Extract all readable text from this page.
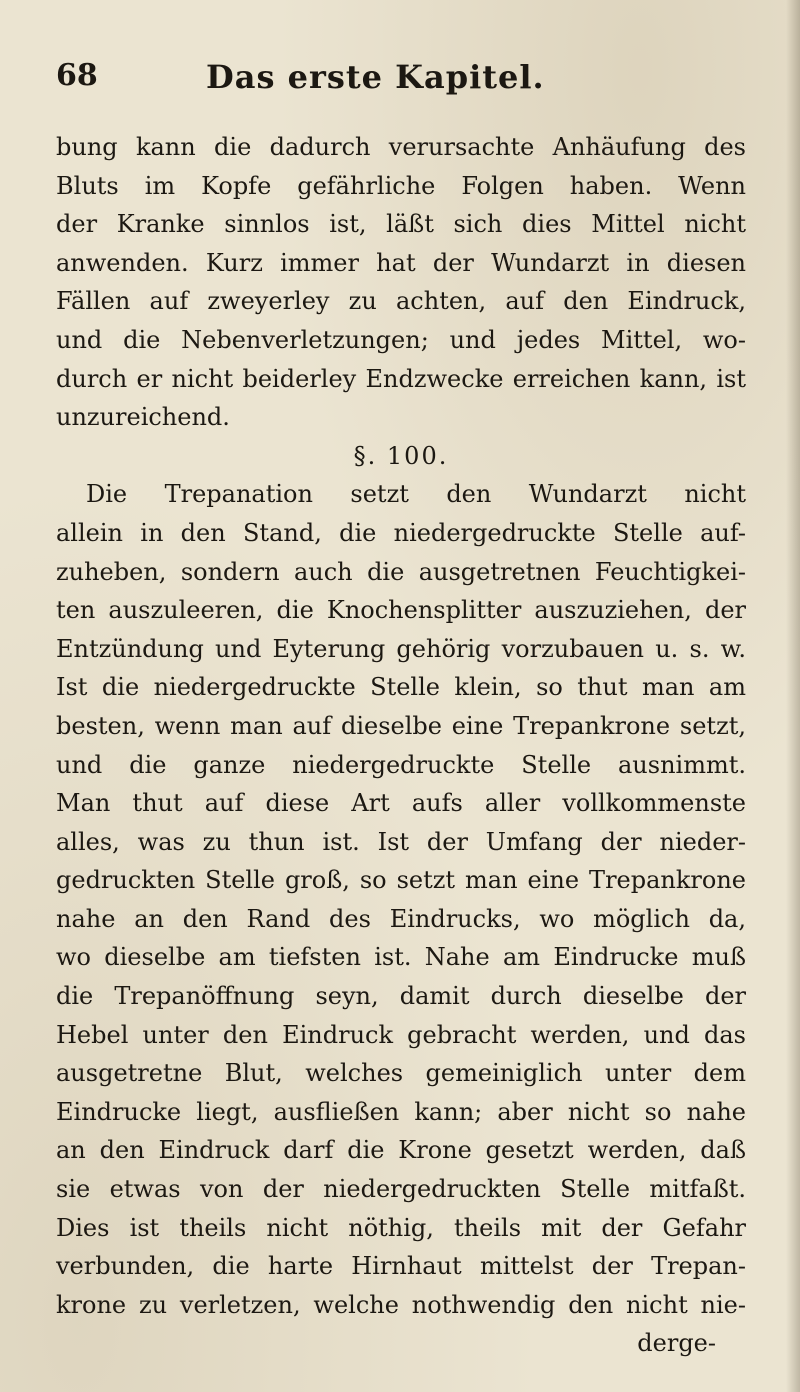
68	Das erste Kapitel.
bung kann die dadurch verursachte Anhäufung des
Bluts im Kopfe gefährliche Folgen haben. Wenn
der Kranke sinnlos ist, läßt sich dies Mittel nicht
anwenden. Kurz immer hat der Wundarzt in diesen
Fällen auf zweyerley zu achten, auf den Eindruck,
und die Nebenverletzungen; und jedes Mittel, wo-
durch er nicht beiderley Endzwecke erreichen kann, ist
unzureichend.
§. 100.
Die Trepanation setzt den Wundarzt nicht
allein in den Stand, die niedergedruckte Stelle auf-
zuheben, sondern auch die ausgetretnen Feuchtigkei-
ten auszuleeren, die Knochensplitter auszuziehen, der
Entzündung und Eyterung gehörig vorzubauen u. s. w.
Ist die niedergedruckte Stelle klein, so thut man am
besten, wenn man auf dieselbe eine Trepankrone setzt,
und die ganze niedergedruckte Stelle ausnimmt.
Man thut auf diese Art aufs aller vollkommenste
alles, was zu thun ist. Ist der Umfang der nieder-
gedruckten Stelle groß, so setzt man eine Trepankrone
nahe an den Rand des Eindrucks, wo möglich da,
wo dieselbe am tiefsten ist. Nahe am Eindrucke muß
die Trepanöffnung seyn, damit durch dieselbe der
Hebel unter den Eindruck gebracht werden, und das
ausgetretne Blut, welches gemeiniglich unter dem
Eindrucke liegt, ausfließen kann; aber nicht so nahe
an den Eindruck darf die Krone gesetzt werden, daß
sie etwas von der niedergedruckten Stelle mitfaßt.
Dies ist theils nicht nöthig, theils mit der Gefahr
verbunden, die harte Hirnhaut mittelst der Trepan-
krone zu verletzen, welche nothwendig den nicht nie-
derge-
